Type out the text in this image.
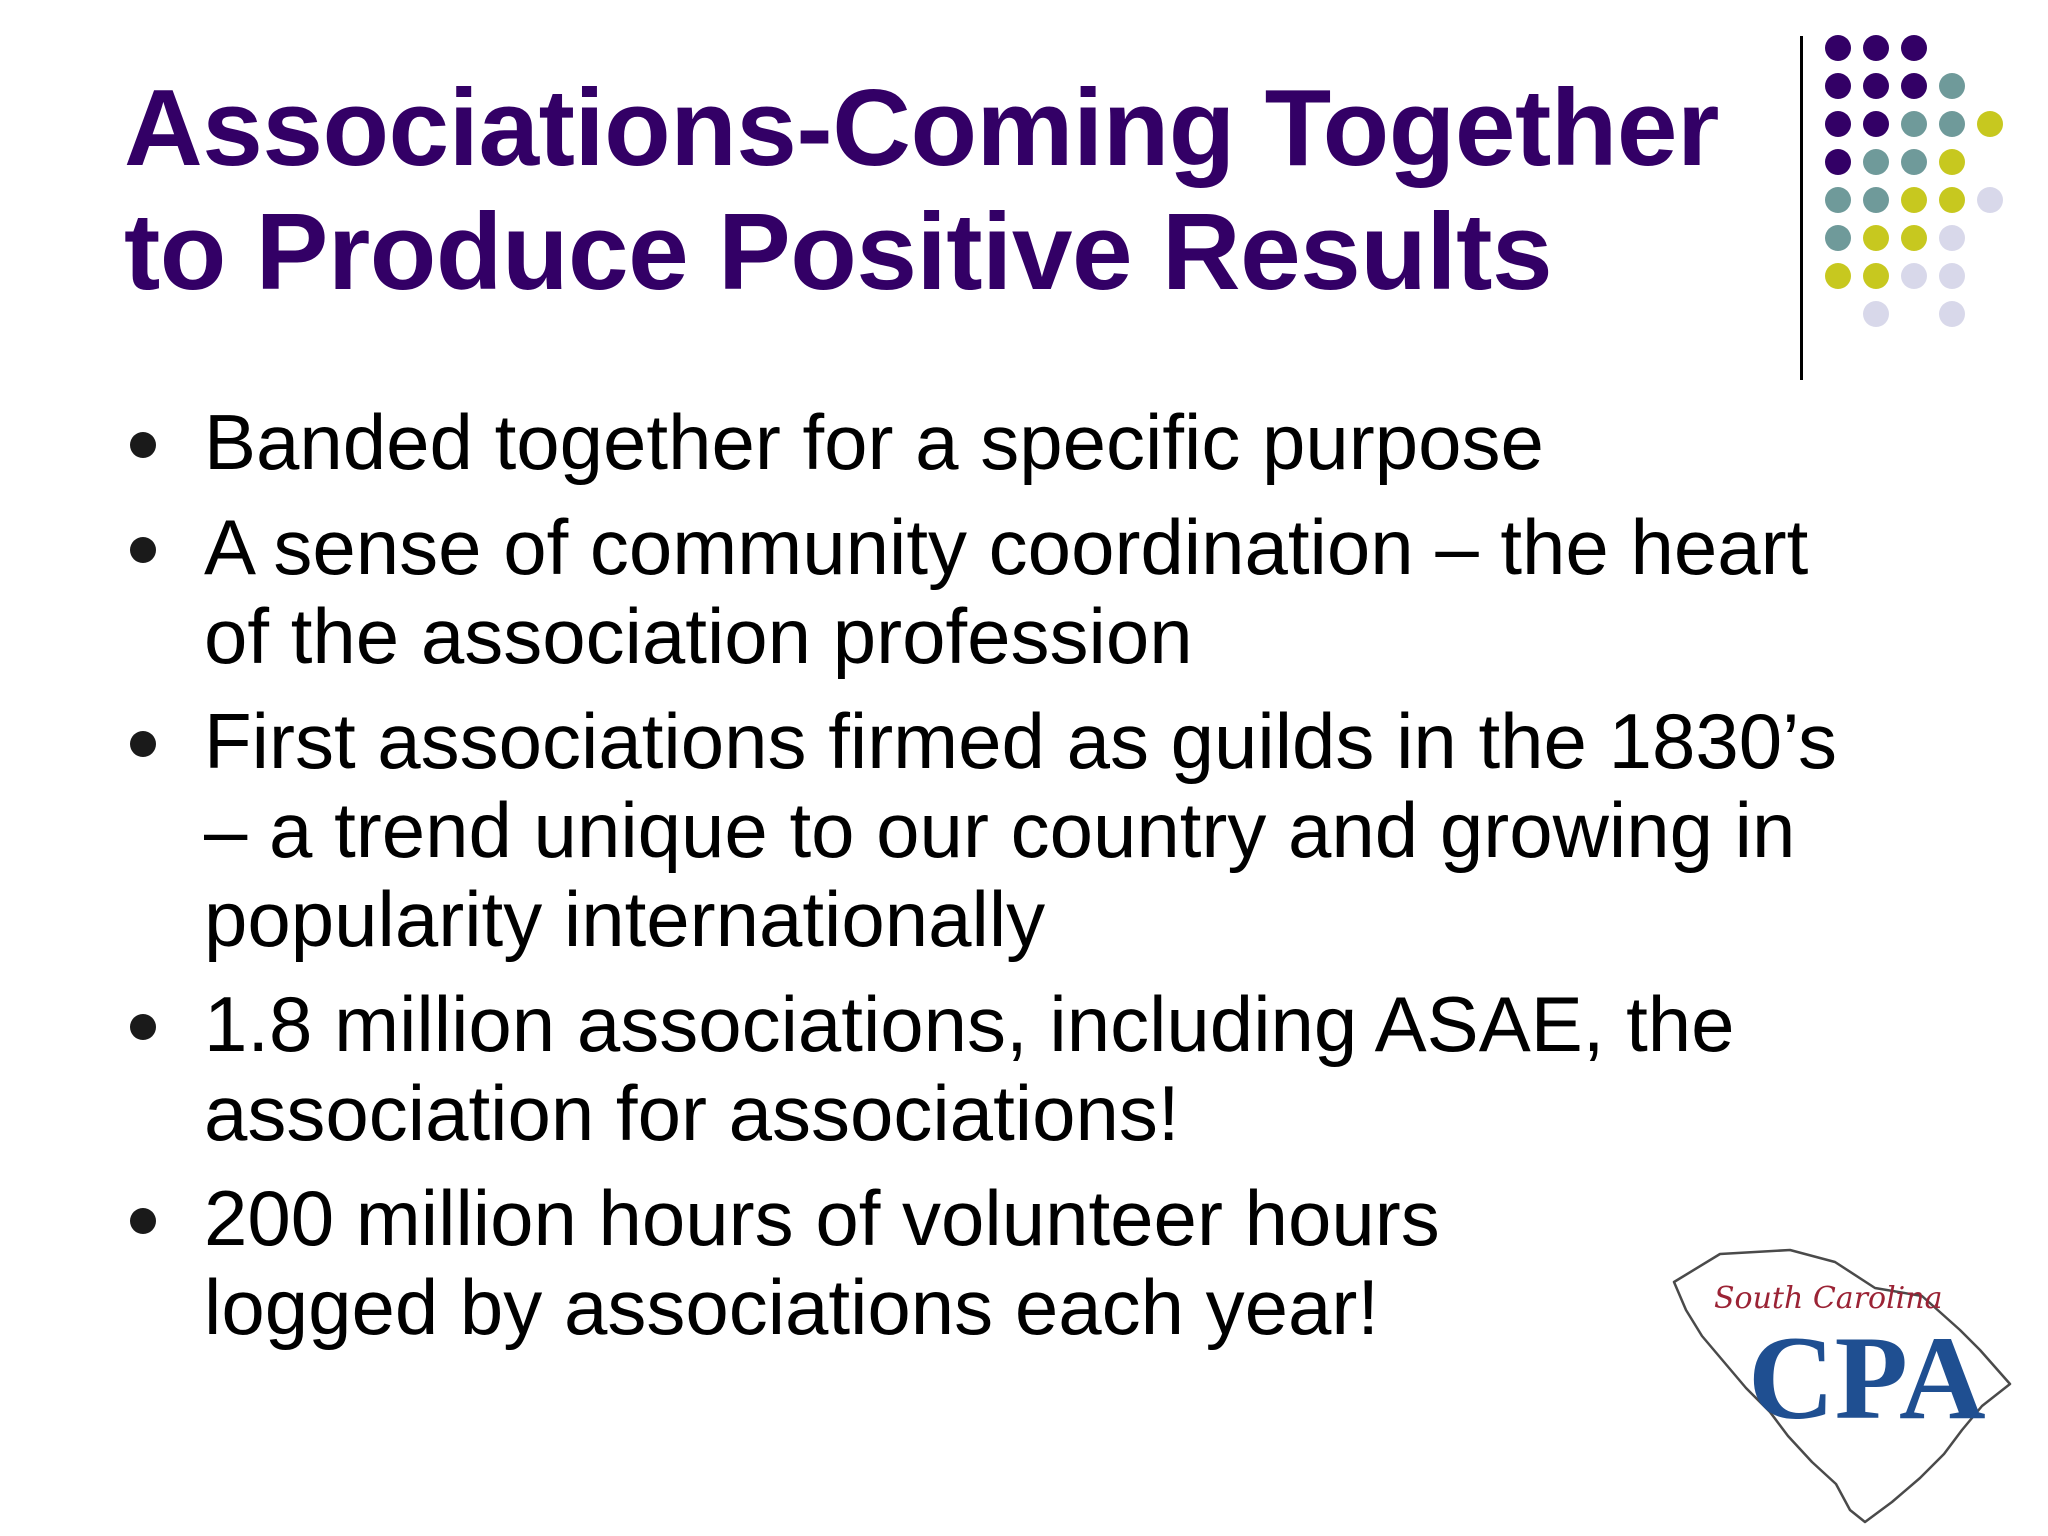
Associations-Coming Together
to Produce Positive Results
Banded together for a specific purpose
A sense of community coordination – the heart
of the association profession
First associations firmed as guilds in the 1830’s
– a trend unique to our country and growing in
popularity internationally
1.8 million associations, including ASAE, the
association for associations!
200 million hours of volunteer hours
logged by associations each year!	South Carolina
CPA
